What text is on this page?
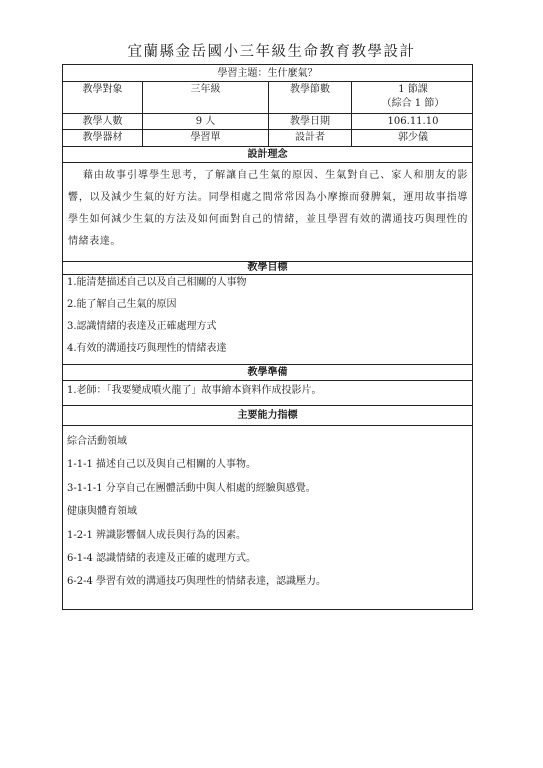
宜蘭縣金岳國小三年級生命教育教學設計
學習主題：生什麼氣？
教學對象	三年級	教學節數	1 節課
（綜合 1 節）
教學人數	9 人	教學日期	106.11.10
教學器材	學習單	設計者	郭少儀
設計理念
藉由故事引導學生思考，了解讓自己生氣的原因、生氣對自己、家人和朋友的影響，以及減少生氣的好方法。同學相處之間常常因為小摩擦而發脾氣，運用故事指導學生如何減少生氣的方法及如何面對自己的情緒，並且學習有效的溝通技巧與理性的情緒表達。
教學目標
1.能清楚描述自己以及自己相關的人事物
2.能了解自己生氣的原因
3.認識情緒的表達及正確處理方式
4.有效的溝通技巧與理性的情緒表達
教學準備
1.老師：「我要變成噴火龍了」故事繪本資料作成投影片。
主要能力指標
綜合活動領域
1-1-1 描述自己以及與自己相關的人事物。
3-1-1-1 分享自己在團體活動中與人相處的經驗與感覺。
健康與體育領域
1-2-1 辨識影響個人成長與行為的因素。
6-1-4 認識情緒的表達及正確的處理方式。
6-2-4 學習有效的溝通技巧與理性的情緒表達，認識壓力。
